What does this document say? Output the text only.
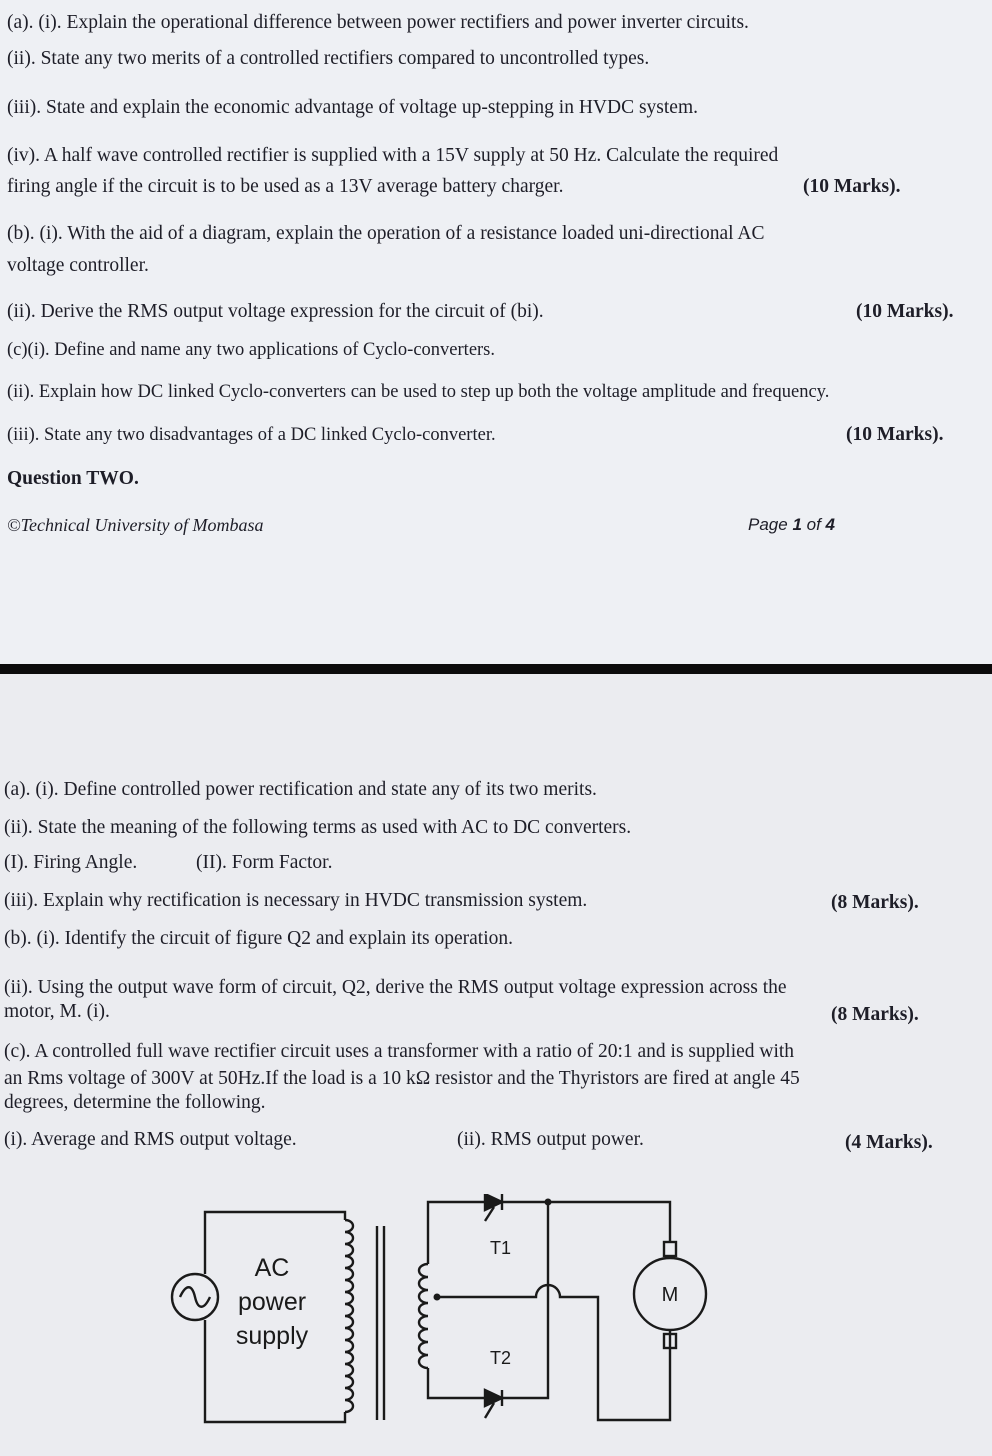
(a). (i). Explain the operational difference between power rectifiers and power inverter circuits.
(ii). State any two merits of a controlled rectifiers compared to uncontrolled types.
(iii). State and explain the economic advantage of voltage up-stepping in HVDC system.
(iv). A half wave controlled rectifier is supplied with a 15V supply at 50 Hz. Calculate the required
firing angle if the circuit is to be used as a 13V average battery charger.	(10 Marks).
(b). (i). With the aid of a diagram, explain the operation of a resistance loaded uni-directional AC
voltage controller.
(ii). Derive the RMS output voltage expression for the circuit of (bi).	(10 Marks).
(c)(i). Define and name any two applications of Cyclo-converters.
(ii). Explain how DC linked Cyclo-converters can be used to step up both the voltage amplitude and frequency.
(iii). State any two disadvantages of a DC linked Cyclo-converter.	(10 Marks).
Question TWO.
©Technical University of Mombasa	Page 1 of 4
(a). (i). Define controlled power rectification and state any of its two merits.
(ii). State the meaning of the following terms as used with AC to DC converters.
(I). Firing Angle.	(II). Form Factor.
(iii). Explain why rectification is necessary in HVDC transmission system.	(8 Marks).
(b). (i). Identify the circuit of figure Q2 and explain its operation.
(ii). Using the output wave form of circuit, Q2, derive the RMS output voltage expression across the
motor, M. (i).	(8 Marks).
(c). A controlled full wave rectifier circuit uses a transformer with a ratio of 20:1 and is supplied with
an Rms voltage of 300V at 50Hz.If the load is a 10 kΩ resistor and the Thyristors are fired at angle 45
degrees, determine the following.
(i). Average and RMS output voltage.	(ii). RMS output power.	(4 Marks).
AC
power
supply
T1
T2
M
